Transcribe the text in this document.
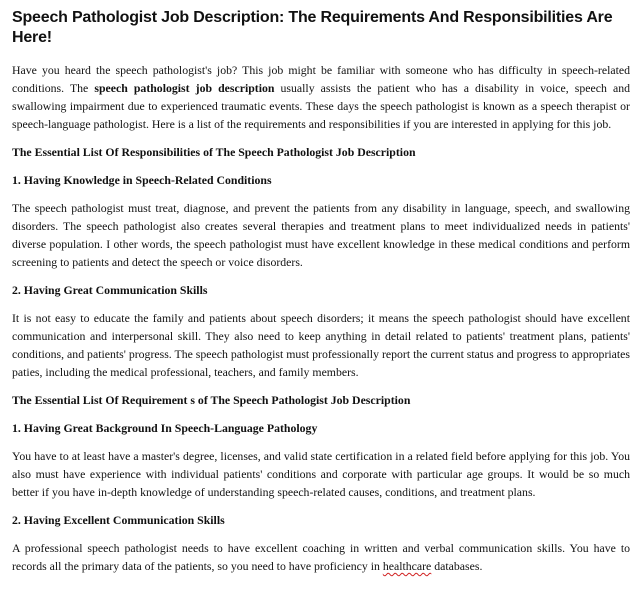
Speech Pathologist Job Description: The Requirements And Responsibilities Are Here!

Have you heard the speech pathologist's job? This job might be familiar with someone who has difficulty in speech-related conditions. The speech pathologist job description usually assists the patient who has a disability in voice, speech and swallowing impairment due to experienced traumatic events. These days the speech pathologist is known as a speech therapist or speech-language pathologist. Here is a list of the requirements and responsibilities if you are interested in applying for this job.

The Essential List Of Responsibilities of The Speech Pathologist Job Description

1. Having Knowledge in Speech-Related Conditions

The speech pathologist must treat, diagnose, and prevent the patients from any disability in language, speech, and swallowing disorders. The speech pathologist also creates several therapies and treatment plans to meet individualized needs in patients' diverse population. I other words, the speech pathologist must have excellent knowledge in these medical conditions and perform screening to patients and detect the speech or voice disorders.

2. Having Great Communication Skills

It is not easy to educate the family and patients about speech disorders; it means the speech pathologist should have excellent communication and interpersonal skill. They also need to keep anything in detail related to patients' treatment plans, patients' conditions, and patients' progress. The speech pathologist must professionally report the current status and progress to appropriates paties, including the medical professional, teachers, and family members.

The Essential List Of Requirement s of The Speech Pathologist Job Description

1. Having Great Background In Speech-Language Pathology

You have to at least have a master's degree, licenses, and valid state certification in a related field before applying for this job. You also must have experience with individual patients' conditions and corporate with particular age groups. It would be so much better if you have in-depth knowledge of understanding speech-related causes, conditions, and treatment plans.

2. Having Excellent Communication Skills

A professional speech pathologist needs to have excellent coaching in written and verbal communication skills. You have to records all the primary data of the patients, so you need to have proficiency in healthcare databases.
